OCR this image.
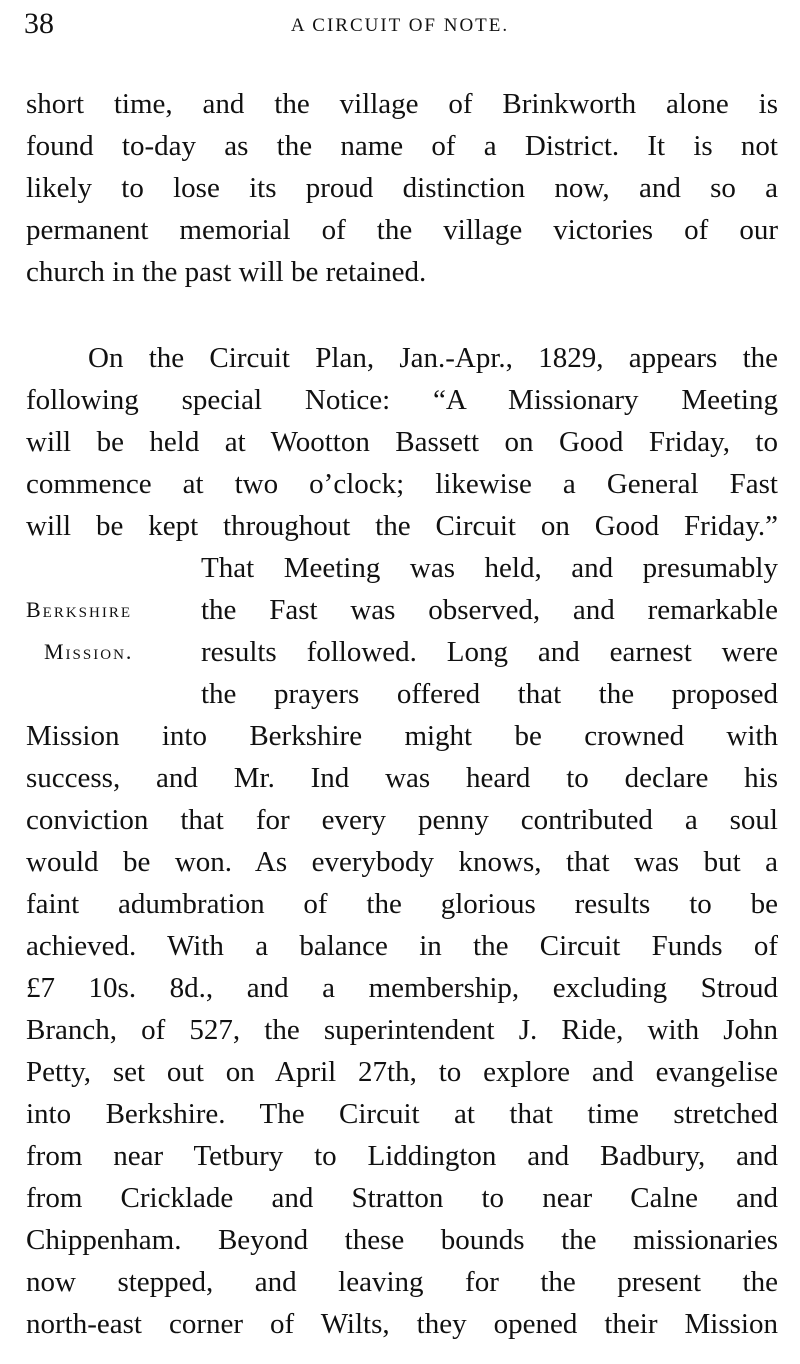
38	A CIRCUIT OF NOTE.
short time, and the village of Brinkworth alone is
found to-day as the name of a District. It is not
likely to lose its proud distinction now, and so a
permanent memorial of the village victories of our
church in the past will be retained.
On the Circuit Plan, Jan.-Apr., 1829, appears the
following special Notice: “A Missionary Meeting
will be held at Wootton Bassett on Good Friday, to
commence at two o’clock; likewise a General Fast
will be kept throughout the Circuit on Good Friday.”
That Meeting was held, and presumably
the Fast was observed, and remarkable
results followed. Long and earnest were
the prayers offered that the proposed
Mission into Berkshire might be crowned with
success, and Mr. Ind was heard to declare his
conviction that for every penny contributed a soul
would be won. As everybody knows, that was but a
faint adumbration of the glorious results to be
achieved. With a balance in the Circuit Funds of
£7 10s. 8d., and a membership, excluding Stroud
Branch, of 527, the superintendent J. Ride, with John
Petty, set out on April 27th, to explore and evangelise
into Berkshire. The Circuit at that time stretched
from near Tetbury to Liddington and Badbury, and
from Cricklade and Stratton to near Calne and
Chippenham. Beyond these bounds the missionaries
now stepped, and leaving for the present the
north-east corner of Wilts, they opened their Mission
Berkshire
Mission.
